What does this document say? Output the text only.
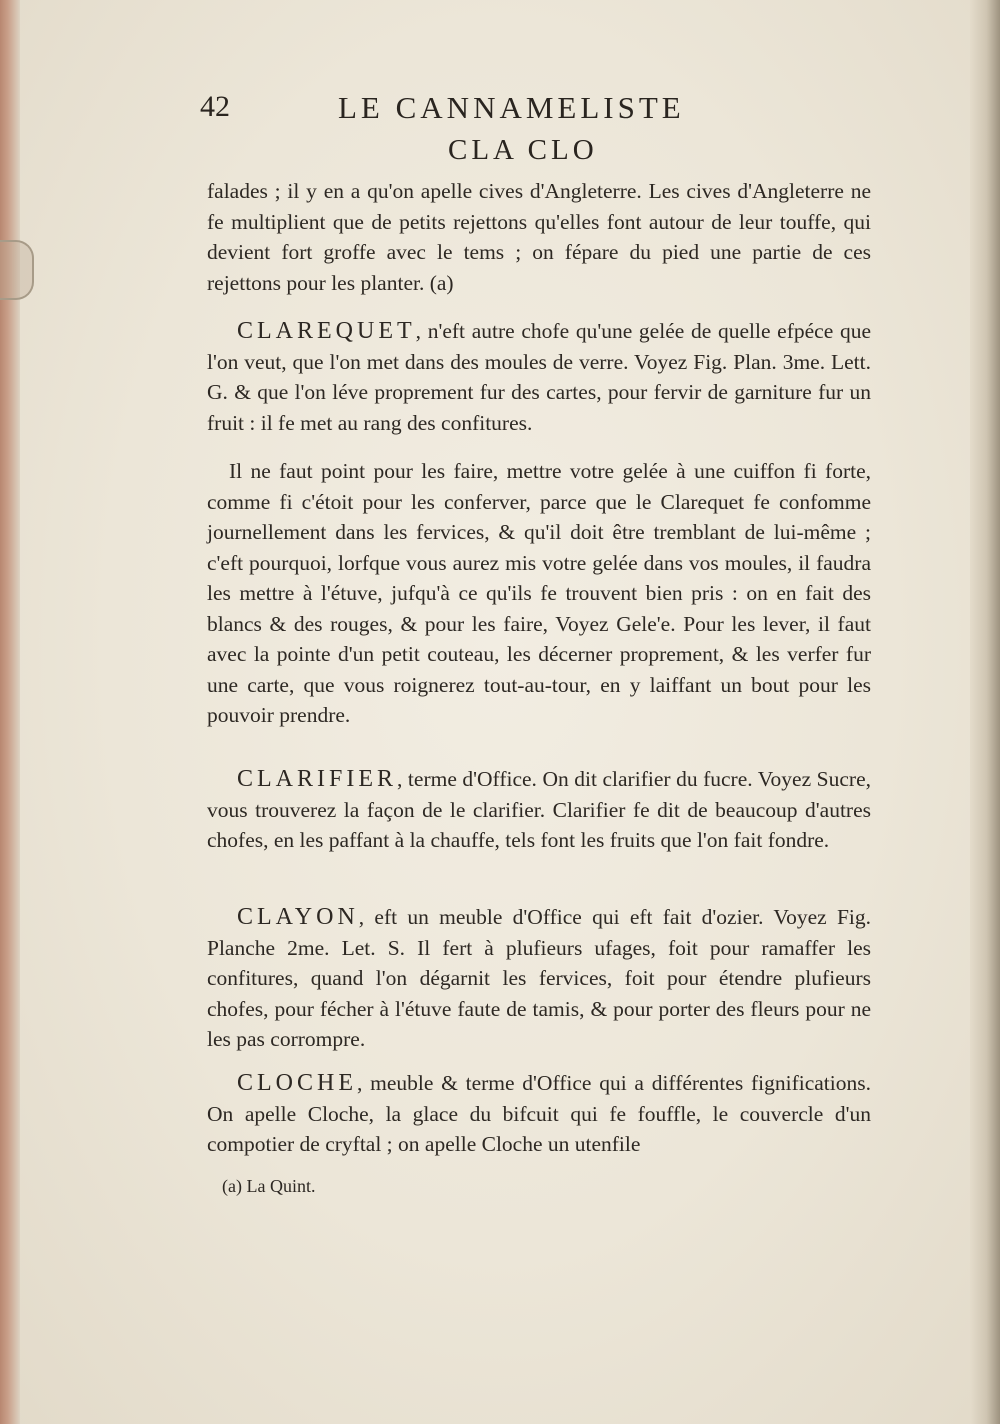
42	LE CANNAMELISTE
CLA CLO

falades ; il y en a qu'on apelle cives d'Angleterre. Les cives d'Angleterre ne fe multiplient que de petits rejettons qu'elles font autour de leur touffe, qui devient fort groffe avec le tems ; on fépare du pied une partie de ces rejettons pour les planter. (a)

CLAREQUET, n'eft autre chofe qu'une gelée de quelle efpéce que l'on veut, que l'on met dans des moules de verre. Voyez Fig. Plan. 3me. Lett. G. & que l'on léve proprement fur des cartes, pour fervir de garniture fur un fruit : il fe met au rang des confitures.

Il ne faut point pour les faire, mettre votre gelée à une cuiffon fi forte, comme fi c'étoit pour les conferver, parce que le Clarequet fe confomme journellement dans les fervices, & qu'il doit être tremblant de lui-même ; c'eft pourquoi, lorfque vous aurez mis votre gelée dans vos moules, il faudra les mettre à l'étuve, jufqu'à ce qu'ils fe trouvent bien pris : on en fait des blancs & des rouges, & pour les faire, Voyez Gele'e. Pour les lever, il faut avec la pointe d'un petit couteau, les décerner proprement, & les verfer fur une carte, que vous roignerez tout-au-tour, en y laiffant un bout pour les pouvoir prendre.

CLARIFIER, terme d'Office. On dit clarifier du fucre. Voyez Sucre, vous trouverez la façon de le clarifier. Clarifier fe dit de beaucoup d'autres chofes, en les paffant à la chauffe, tels font les fruits que l'on fait fondre.

CLAYON, eft un meuble d'Office qui eft fait d'ozier. Voyez Fig. Planche 2me. Let. S. Il fert à plufieurs ufages, foit pour ramaffer les confitures, quand l'on dégarnit les fervices, foit pour étendre plufieurs chofes, pour fécher à l'étuve faute de tamis, & pour porter des fleurs pour ne les pas corrompre.

CLOCHE, meuble & terme d'Office qui a différentes fignifications. On apelle Cloche, la glace du bifcuit qui fe fouffle, le couvercle d'un compotier de cryftal ; on apelle Cloche un utenfile

(a) La Quint.
